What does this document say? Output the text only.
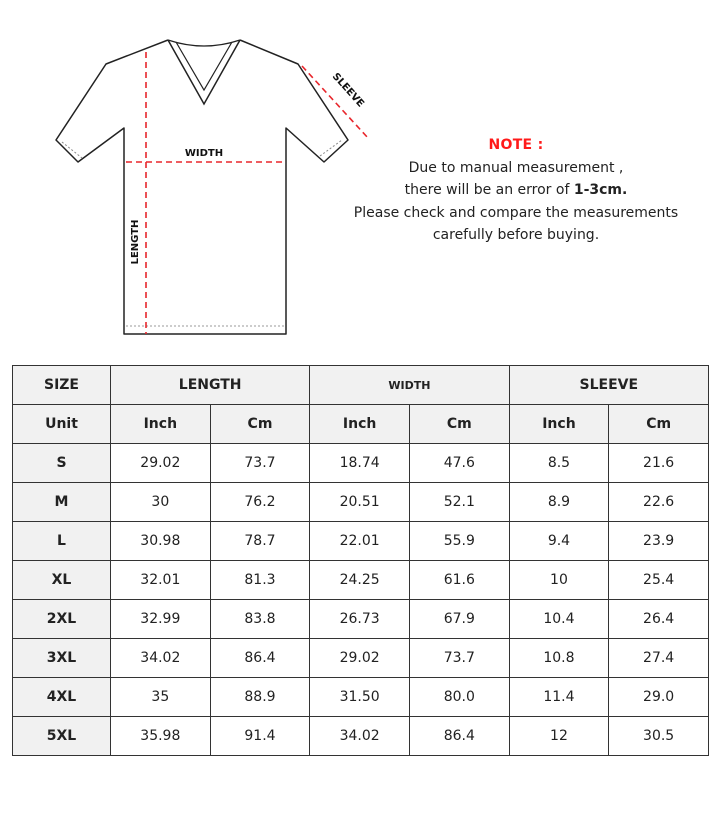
WIDTH
LENGTH
SLEEVE
NOTE :
Due to manual measurement ,
there will be an error of 1-3cm.
Please check and compare the measurements
carefully before buying.
SIZE	LENGTH		WIDTH		SLEEVE	
Unit	Inch	Cm	Inch	Cm	Inch	Cm
S	29.02	73.7	18.74	47.6	8.5	21.6
M	30	76.2	20.51	52.1	8.9	22.6
L	30.98	78.7	22.01	55.9	9.4	23.9
XL	32.01	81.3	24.25	61.6	10	25.4
2XL	32.99	83.8	26.73	67.9	10.4	26.4
3XL	34.02	86.4	29.02	73.7	10.8	27.4
4XL	35	88.9	31.50	80.0	11.4	29.0
5XL	35.98	91.4	34.02	86.4	12	30.5
